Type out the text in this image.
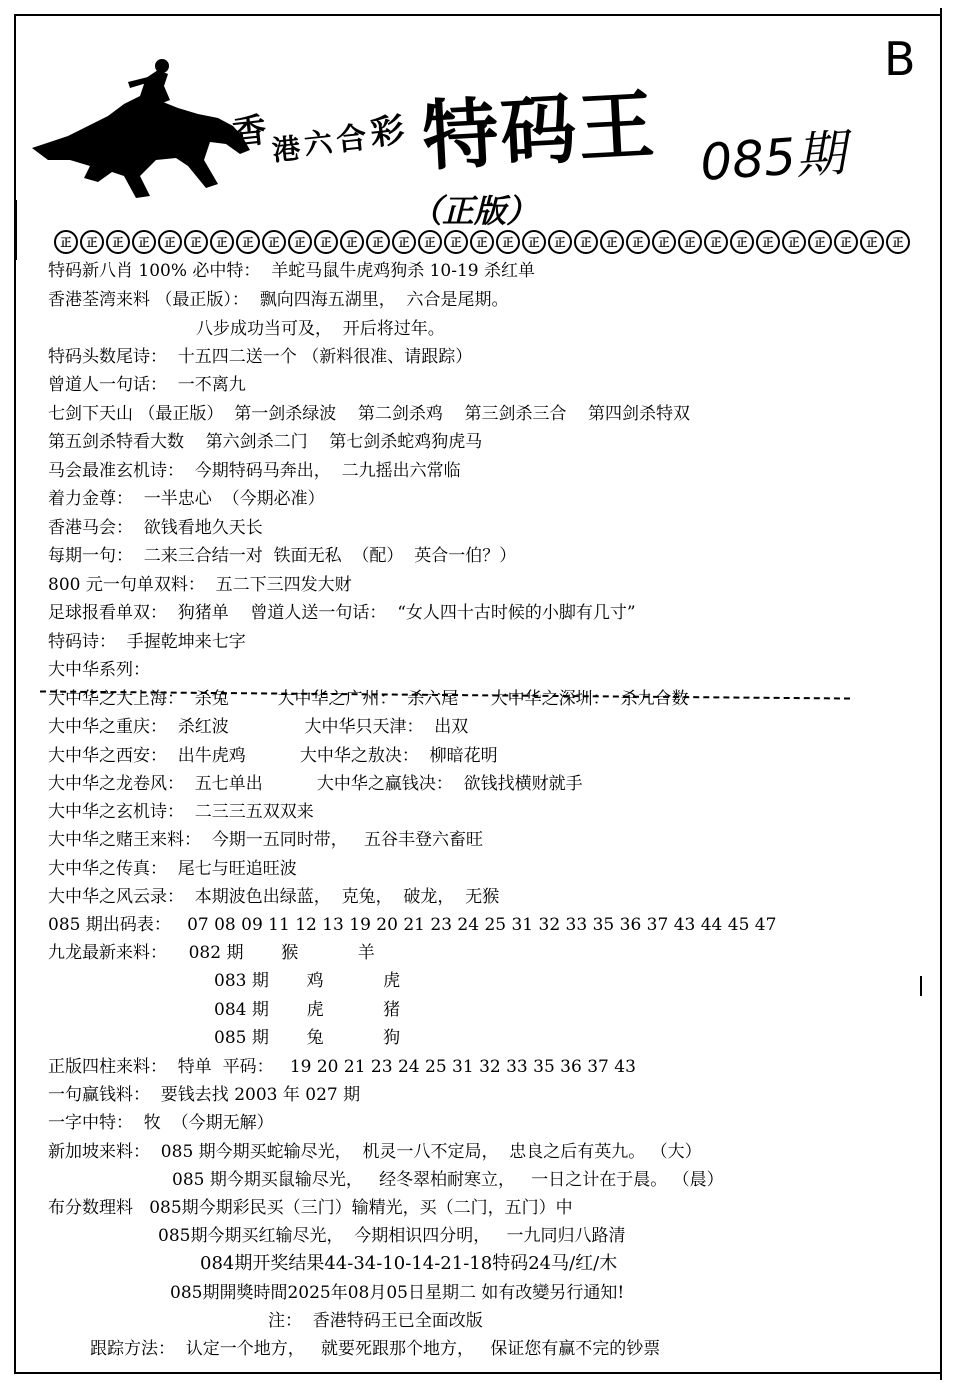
香 港 六 合 彩 特码王
B
085期
（正版）
正	正	正	正	正	正	正	正	正	正	正	正	正	正	正	正	正	正	正	正	正	正	正	正	正	正	正	正	正	正	正	正	正
特码新八肖 100% 必中特：  羊蛇马鼠牛虎鸡狗杀 10-19 杀红单
香港荃湾来料 （最正版）：  飘向四海五湖里，  六合是尾期。
八步成功当可及，  开后将过年。
特码头数尾诗：  十五四二送一个 （新料很准、请跟踪）
曾道人一句话：  一不离九
七剑下天山 （最正版）  第一剑杀绿波    第二剑杀鸡    第三剑杀三合    第四剑杀特双
第五剑杀特看大数    第六剑杀二门    第七剑杀蛇鸡狗虎马
马会最准玄机诗：  今期特码马奔出，  二九摇出六常临
着力金尊：  一半忠心  （今期必准）
香港马会：  欲钱看地久天长
每期一句：  二来三合结一对  铁面无私  （配）  英合一伯？）
800 元一句单双料：  五二下三四发大财
足球报看单双：  狗猪单    曾道人送一句话：  “女人四十古时候的小脚有几寸”
特码诗：  手握乾坤来七字
大中华系列：
大中华之大上海：  杀兔         大中华之广州：  杀六尾      大中华之深圳：  杀九合数
大中华之重庆：  杀红波              大中华只天津：  出双
大中华之西安：  出牛虎鸡          大中华之敖决：  柳暗花明
大中华之龙卷风：  五七单出          大中华之赢钱决：  欲钱找横财就手
大中华之玄机诗：  二三三五双双来
大中华之赌王来料：  今期一五同时带，   五谷丰登六畜旺
大中华之传真：  尾七与旺追旺波
大中华之风云录：  本期波色出绿蓝，  克兔，  破龙，  无猴
085 期出码表：   07 08 09 11 12 13 19 20 21 23 24 25 31 32 33 35 36 37 43 44 45 47
九龙最新来料：    082 期       猴           羊
083 期       鸡           虎
084 期       虎           猪
085 期       兔           狗
正版四柱来料：  特单  平码：   19 20 21 23 24 25 31 32 33 35 36 37 43
一句赢钱料：  要钱去找 2003 年 027 期
一字中特：  牧  （今期无解）
新加坡来料：  085 期今期买蛇输尽光，  机灵一八不定局，  忠良之后有英九。 （大）
085 期今期买鼠输尽光，   经冬翠柏耐寒立，   一日之计在于晨。 （晨）
布分数理料   085期今期彩民买（三门）输精光，买（二门，五门）中
085期今期买红输尽光，  今期相识四分明，   一九同归八路清
084期开奖结果44-34-10-14-21-18特码24马/红/木
085期開獎時間2025年08月05日星期二 如有改變另行通知!
注：  香港特码王已全面改版
跟踪方法：  认定一个地方，   就要死跟那个地方，   保证您有赢不完的钞票
